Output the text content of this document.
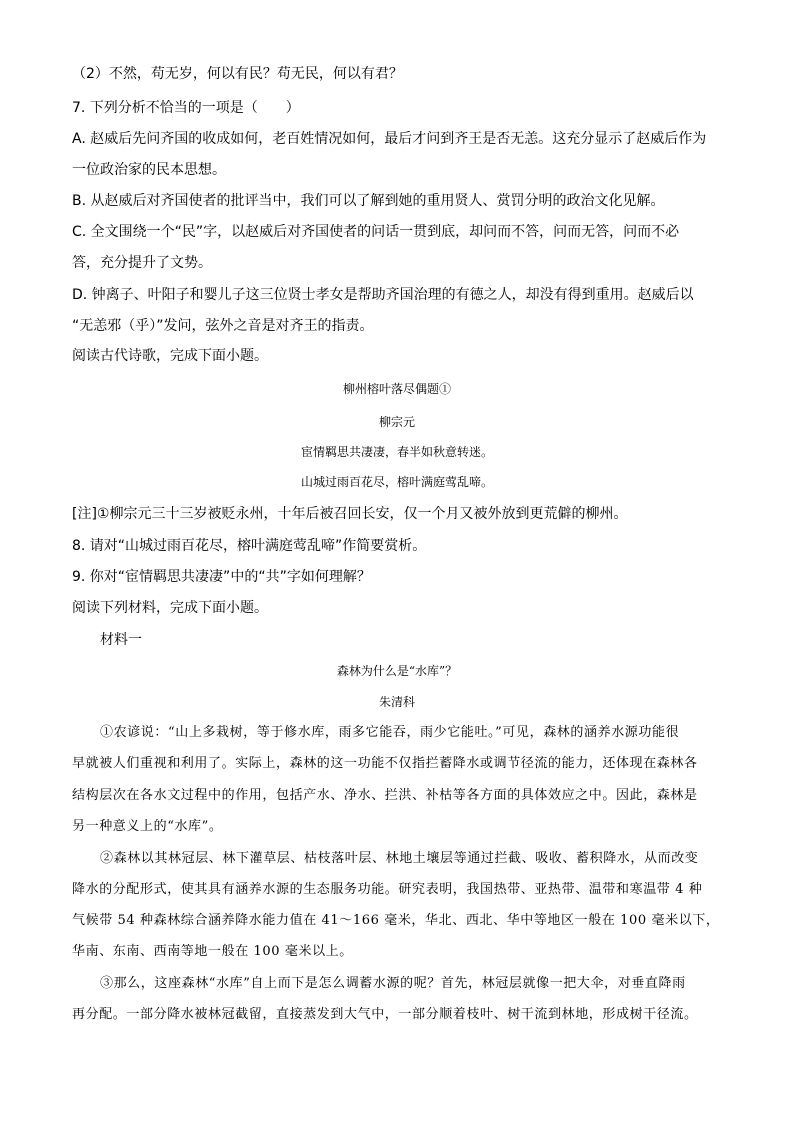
（2）不然，苟无岁，何以有民？苟无民，何以有君？
7. 下列分析不恰当的一项是（　　）
A. 赵威后先问齐国的收成如何，老百姓情况如何，最后才问到齐王是否无恙。这充分显示了赵威后作为
一位政治家的民本思想。
B. 从赵威后对齐国使者的批评当中，我们可以了解到她的重用贤人、赏罚分明的政治文化见解。
C. 全文围绕一个“民”字，以赵威后对齐国使者的问话一贯到底，却问而不答，问而无答，问而不必
答，充分提升了文势。
D. 钟离子、叶阳子和婴儿子这三位贤士孝女是帮助齐国治理的有德之人，却没有得到重用。赵威后以
“无恙邪（乎）”发问，弦外之音是对齐王的指责。
阅读古代诗歌，完成下面小题。
柳州榕叶落尽偶题①
柳宗元
宦情羁思共凄凄，春半如秋意转迷。
山城过雨百花尽，榕叶满庭莺乱啼。
[注]①柳宗元三十三岁被贬永州，十年后被召回长安，仅一个月又被外放到更荒僻的柳州。
8. 请对“山城过雨百花尽，榕叶满庭莺乱啼”作简要赏析。
9. 你对“宦情羁思共凄凄”中的“共”字如何理解？
阅读下列材料，完成下面小题。
材料一
森林为什么是“水库”？
朱清科
①农谚说：“山上多栽树，等于修水库，雨多它能吞，雨少它能吐。”可见，森林的涵养水源功能很
早就被人们重视和利用了。实际上，森林的这一功能不仅指拦蓄降水或调节径流的能力，还体现在森林各
结构层次在各水文过程中的作用，包括产水、净水、拦洪、补枯等各方面的具体效应之中。因此，森林是
另一种意义上的“水库”。
②森林以其林冠层、林下灌草层、枯枝落叶层、林地土壤层等通过拦截、吸收、蓄积降水，从而改变
降水的分配形式，使其具有涵养水源的生态服务功能。研究表明，我国热带、亚热带、温带和寒温带 4 种
气候带 54 种森林综合涵养降水能力值在 41～166 毫米，华北、西北、华中等地区一般在 100 毫米以下，
华南、东南、西南等地一般在 100 毫米以上。
③那么，这座森林“水库”自上而下是怎么调蓄水源的呢？首先，林冠层就像一把大伞，对垂直降雨
再分配。一部分降水被林冠截留，直接蒸发到大气中，一部分顺着枝叶、树干流到林地，形成树干径流。
